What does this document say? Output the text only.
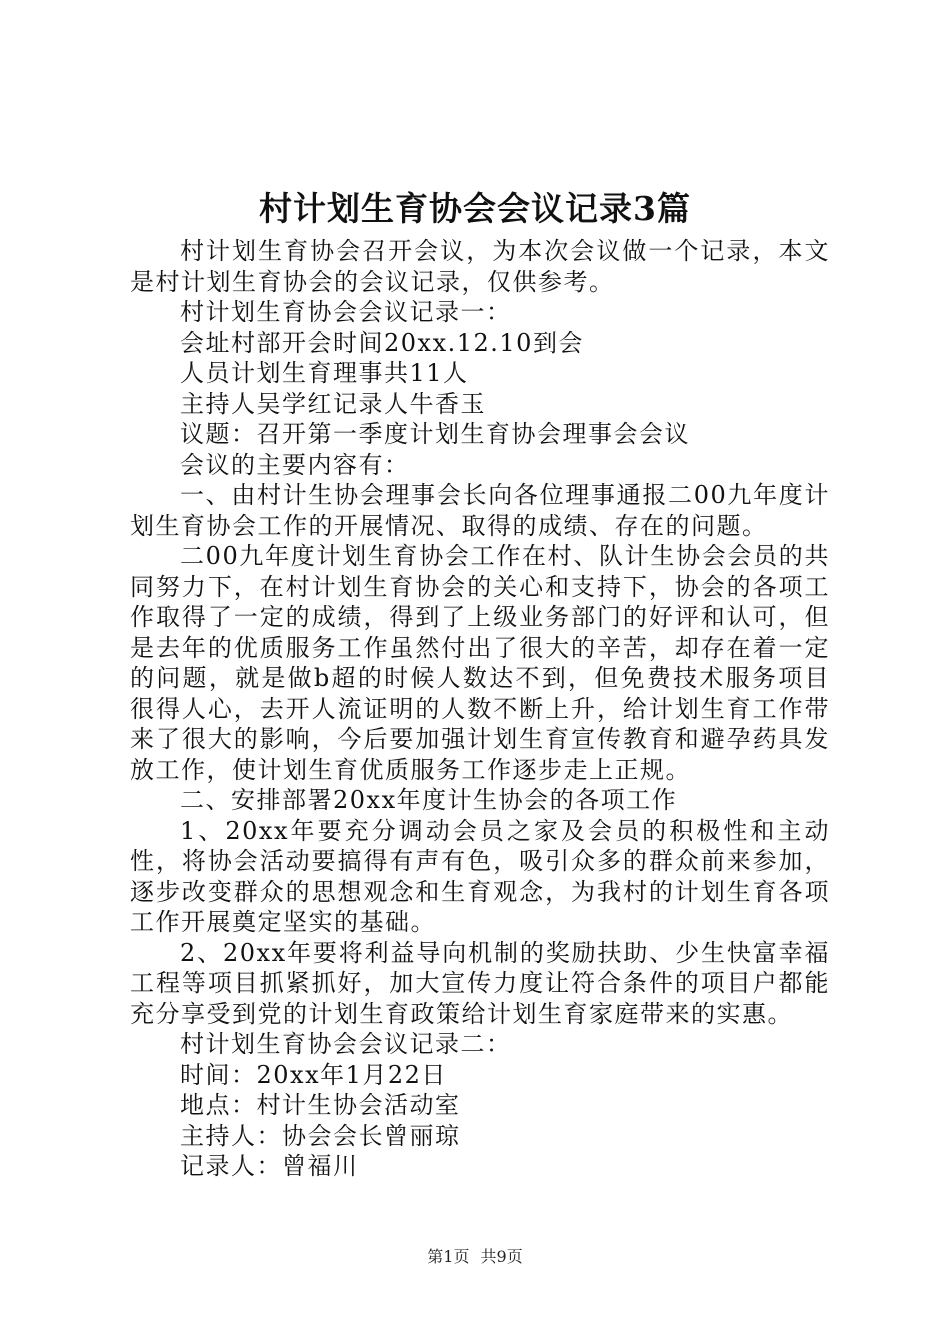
村计划生育协会会议记录3篇

村计划生育协会召开会议，为本次会议做一个记录，本文是村计划生育协会的会议记录，仅供参考。

村计划生育协会会议记录一：

会址村部开会时间20xx.12.10到会

人员计划生育理事共11人

主持人吴学红记录人牛香玉

议题：召开第一季度计划生育协会理事会会议

会议的主要内容有：

一、由村计生协会理事会长向各位理事通报二00九年度计划生育协会工作的开展情况、取得的成绩、存在的问题。

二00九年度计划生育协会工作在村、队计生协会会员的共同努力下，在村计划生育协会的关心和支持下，协会的各项工作取得了一定的成绩，得到了上级业务部门的好评和认可，但是去年的优质服务工作虽然付出了很大的辛苦，却存在着一定的问题，就是做b超的时候人数达不到，但免费技术服务项目很得人心，去开人流证明的人数不断上升，给计划生育工作带来了很大的影响，今后要加强计划生育宣传教育和避孕药具发放工作，使计划生育优质服务工作逐步走上正规。

二、安排部署20xx年度计生协会的各项工作

1、20xx年要充分调动会员之家及会员的积极性和主动性，将协会活动要搞得有声有色，吸引众多的群众前来参加，逐步改变群众的思想观念和生育观念，为我村的计划生育各项工作开展奠定坚实的基础。

2、20xx年要将利益导向机制的奖励扶助、少生快富幸福工程等项目抓紧抓好，加大宣传力度让符合条件的项目户都能充分享受到党的计划生育政策给计划生育家庭带来的实惠。

村计划生育协会会议记录二：

时间：20xx年1月22日

地点：村计生协会活动室

主持人：协会会长曾丽琼

记录人：曾福川

第1页 共9页
